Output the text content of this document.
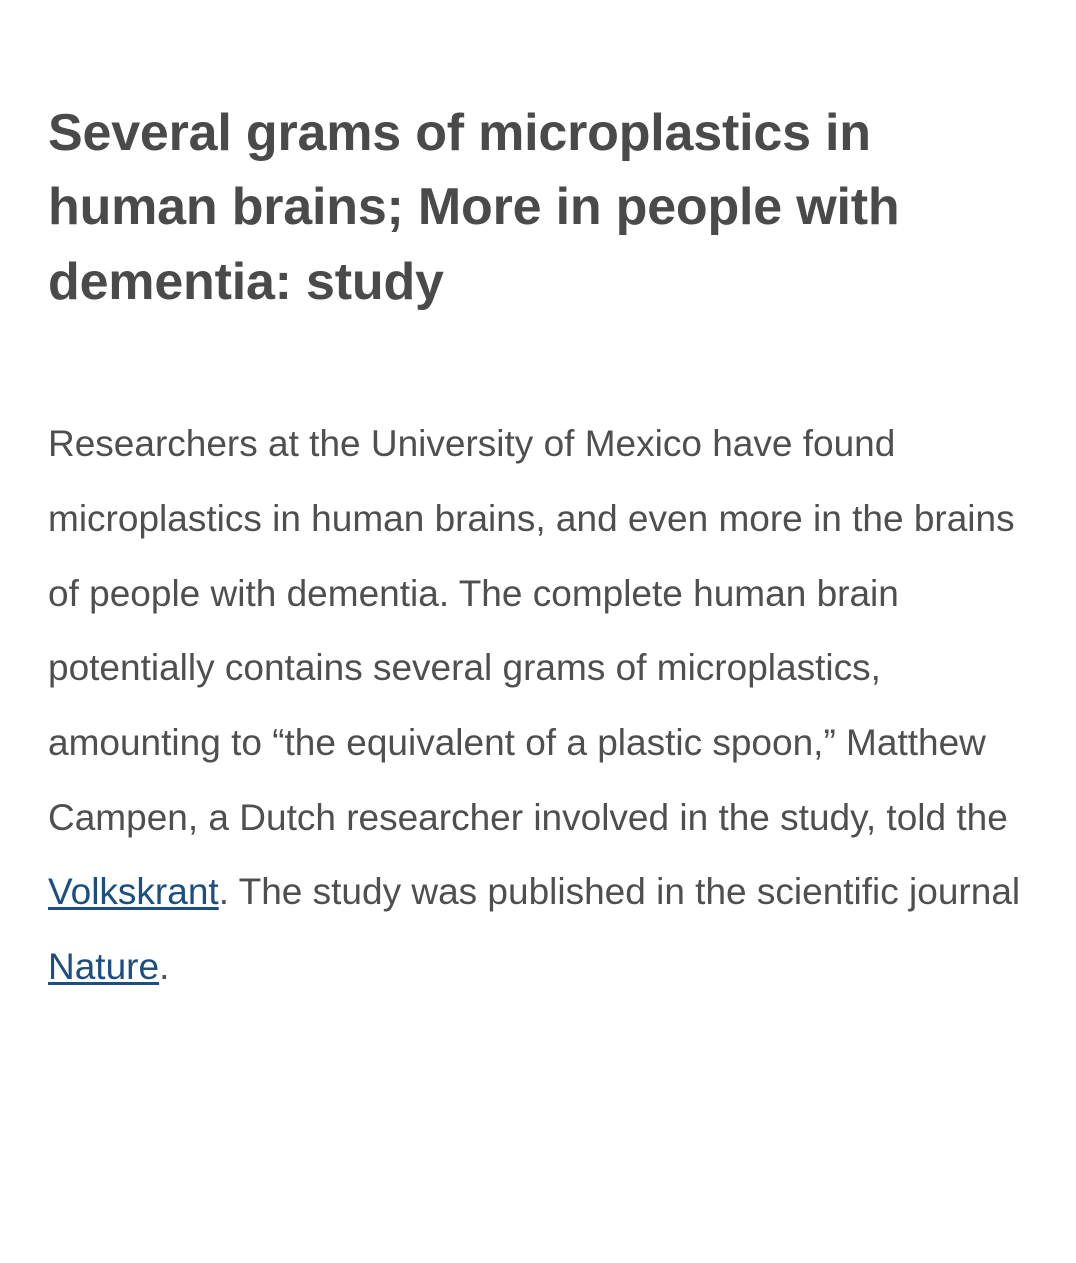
Several grams of microplastics in human brains; More in people with dementia: study

Researchers at the University of Mexico have found microplastics in human brains, and even more in the brains of people with dementia. The complete human brain potentially contains several grams of microplastics, amounting to “the equivalent of a plastic spoon,” Matthew Campen, a Dutch researcher involved in the study, told the Volkskrant. The study was published in the scientific journal Nature.
